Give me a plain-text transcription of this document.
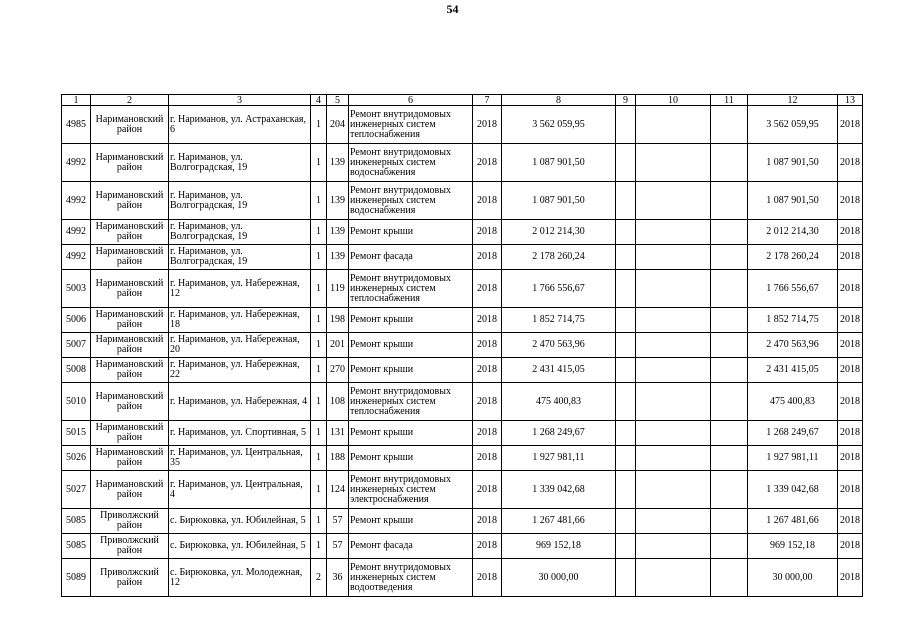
54
1	2	3	4	5	6	7	8	9	10	11	12	13
4985	Наримановский район	г. Нариманов, ул. Астраханская, 6	1	204	Ремонт внутридомовых инженерных систем теплоснабжения	2018	3 562 059,95				3 562 059,95	2018
4992	Наримановский район	г. Нариманов, ул. Волгоградская, 19	1	139	Ремонт внутридомовых инженерных систем водоснабжения	2018	1 087 901,50				1 087 901,50	2018
4992	Наримановский район	г. Нариманов, ул. Волгоградская, 19	1	139	Ремонт внутридомовых инженерных систем водоснабжения	2018	1 087 901,50				1 087 901,50	2018
4992	Наримановский район	г. Нариманов, ул. Волгоградская, 19	1	139	Ремонт крыши	2018	2 012 214,30				2 012 214,30	2018
4992	Наримановский район	г. Нариманов, ул. Волгоградская, 19	1	139	Ремонт фасада	2018	2 178 260,24				2 178 260,24	2018
5003	Наримановский район	г. Нариманов, ул. Набережная, 12	1	119	Ремонт внутридомовых инженерных систем теплоснабжения	2018	1 766 556,67				1 766 556,67	2018
5006	Наримановский район	г. Нариманов, ул. Набережная, 18	1	198	Ремонт крыши	2018	1 852 714,75				1 852 714,75	2018
5007	Наримановский район	г. Нариманов, ул. Набережная, 20	1	201	Ремонт крыши	2018	2 470 563,96				2 470 563,96	2018
5008	Наримановский район	г. Нариманов, ул. Набережная, 22	1	270	Ремонт крыши	2018	2 431 415,05				2 431 415,05	2018
5010	Наримановский район	г. Нариманов, ул. Набережная, 4	1	108	Ремонт внутридомовых инженерных систем теплоснабжения	2018	475 400,83				475 400,83	2018
5015	Наримановский район	г. Нариманов, ул. Спортивная, 5	1	131	Ремонт крыши	2018	1 268 249,67				1 268 249,67	2018
5026	Наримановский район	г. Нариманов, ул. Центральная, 35	1	188	Ремонт крыши	2018	1 927 981,11				1 927 981,11	2018
5027	Наримановский район	г. Нариманов, ул. Центральная, 4	1	124	Ремонт внутридомовых инженерных систем электроснабжения	2018	1 339 042,68				1 339 042,68	2018
5085	Приволжский район	с. Бирюковка, ул. Юбилейная, 5	1	57	Ремонт крыши	2018	1 267 481,66				1 267 481,66	2018
5085	Приволжский район	с. Бирюковка, ул. Юбилейная, 5	1	57	Ремонт фасада	2018	969 152,18				969 152,18	2018
5089	Приволжский район	с. Бирюковка, ул. Молодежная, 12	2	36	Ремонт внутридомовых инженерных систем водоотведения	2018	30 000,00				30 000,00	2018
